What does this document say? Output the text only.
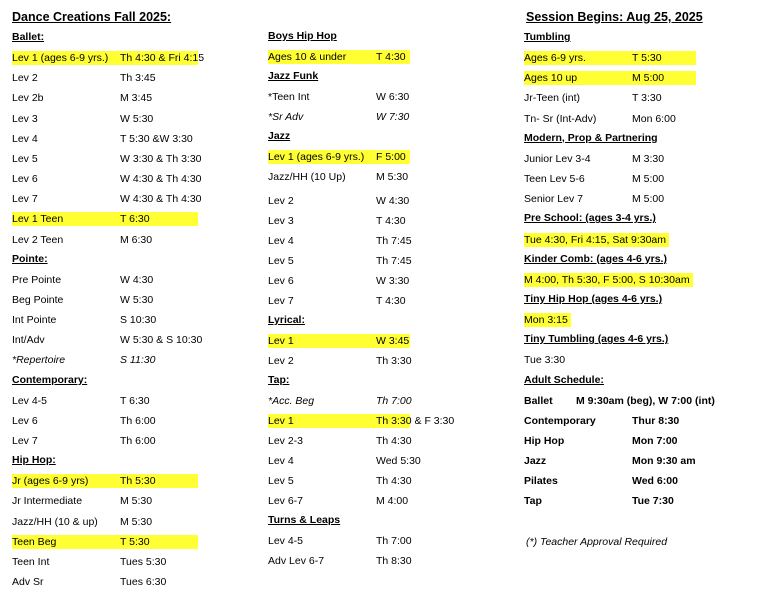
Dance Creations Fall 2025:	Session Begins: Aug 25, 2025
Ballet:
Lev 1 (ages 6-9 yrs.) Th 4:30 & Fri 4:15
Lev 2	Th 3:45
Lev 2b	M 3:45
Lev 3	W 5:30
Lev 4	T 5:30 &W 3:30
Lev 5	W 3:30 & Th 3:30
Lev 6	W 4:30 & Th 4:30
Lev 7	W 4:30 & Th 4:30
Lev 1 Teen	T 6:30
Lev 2 Teen	M 6:30
Pointe:
Pre Pointe	W 4:30
Beg Pointe	W 5:30
Int Pointe	S 10:30
Int/Adv	W 5:30 & S 10:30
*Repertoire	S 11:30
Contemporary:
Lev 4-5	T 6:30
Lev 6	Th 6:00
Lev 7	Th 6:00
Hip Hop:
Jr (ages 6-9 yrs)	Th 5:30
Jr Intermediate	M 5:30
Jazz/HH (10 & up) M 5:30
Teen Beg	T 5:30
Teen Int	Tues 5:30
Adv Sr	Tues 6:30
Boys Hip Hop
Ages 10 & under	T 4:30
Jazz Funk
*Teen Int	W 6:30
*Sr Adv	W 7:30
Jazz
Lev 1 (ages 6-9 yrs.) F 5:00
Jazz/HH (10 Up)	M 5:30
Lev 2	W 4:30
Lev 3	T 4:30
Lev 4	Th 7:45
Lev 5	Th 7:45
Lev 6	W 3:30
Lev 7	T 4:30
Lyrical:
Lev 1	W 3:45
Lev 2	Th 3:30
Tap:
*Acc. Beg	Th 7:00
Lev 1	Th 3:30 & F 3:30
Lev 2-3	Th 4:30
Lev 4	Wed 5:30
Lev 5	Th 4:30
Lev 6-7	M 4:00
Turns & Leaps
Lev 4-5	Th 7:00
Adv Lev 6-7	Th 8:30
Tumbling
Ages 6-9 yrs.	T 5:30
Ages 10 up	M 5:00
Jr-Teen (int)	T 3:30
Tn- Sr (Int-Adv)	Mon 6:00
Modern, Prop & Partnering
Junior Lev 3-4	M 3:30
Teen Lev 5-6	M 5:00
Senior Lev 7	M 5:00
Pre School: (ages 3-4 yrs.)
Tue 4:30, Fri 4:15, Sat 9:30am
Kinder Comb: (ages 4-6 yrs.)
M 4:00, Th 5:30, F 5:00, S 10:30am
Tiny Hip Hop (ages 4-6 yrs.)
Mon 3:15
Tiny Tumbling (ages 4-6 yrs.)
Tue 3:30
Adult Schedule:
Ballet M 9:30am (beg), W 7:00 (int)
Contemporary	Thur 8:30
Hip Hop	Mon 7:00
Jazz	Mon 9:30 am
Pilates	Wed 6:00
Tap	Tue 7:30
(*) Teacher Approval Required
